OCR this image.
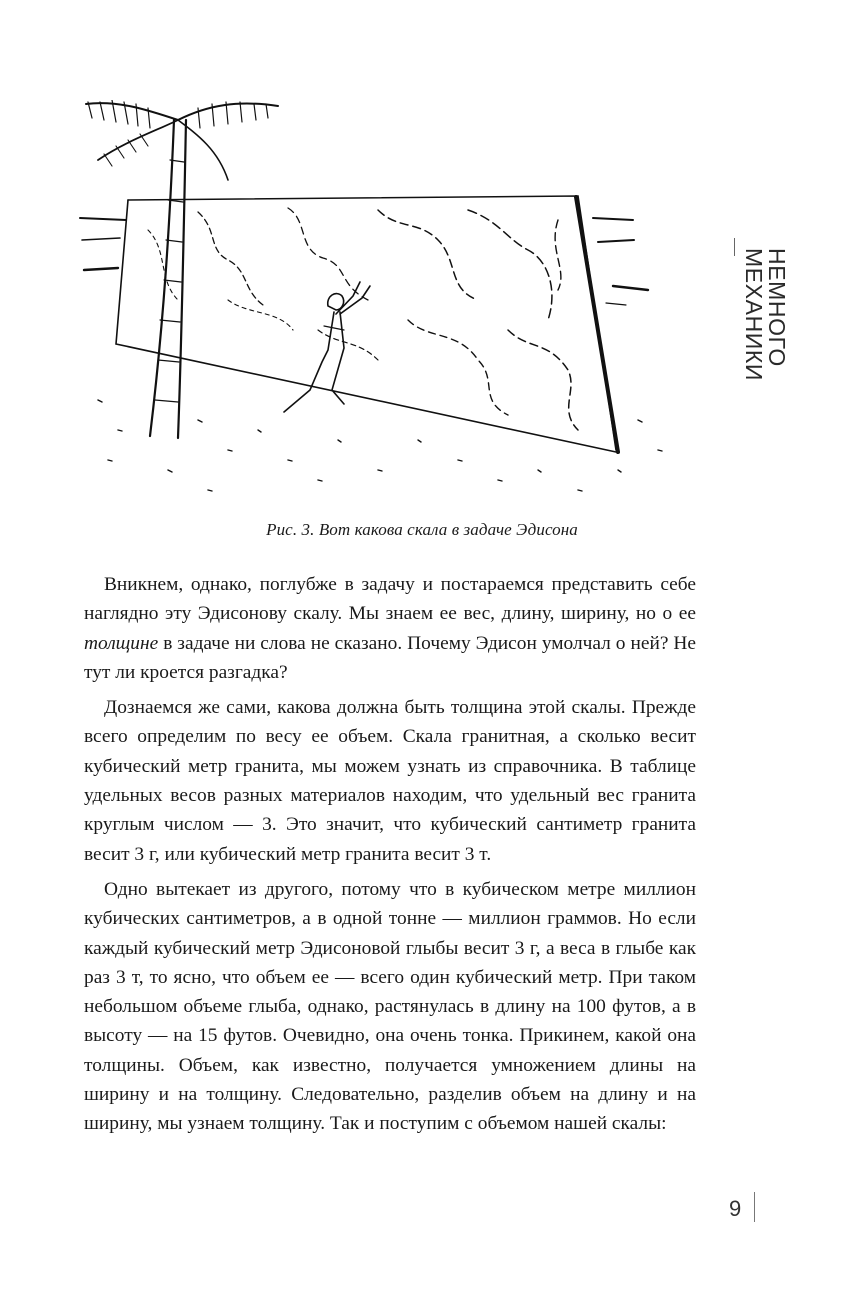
Рис. 3. Вот какова скала в задаче Эдисона
НЕМНОГО МЕХАНИКИ

Вникнем, однако, поглубже в задачу и постараемся представить себе наглядно эту Эдисонову скалу. Мы знаем ее вес, длину, ширину, но о ее толщине в задаче ни слова не сказано. Почему Эдисон умолчал о ней? Не тут ли кроется разгадка?

Дознаемся же сами, какова должна быть толщина этой скалы. Прежде всего определим по весу ее объем. Скала гранитная, а сколько весит кубический метр гранита, мы можем узнать из справочника. В таблице удельных весов разных материалов находим, что удельный вес гранита круглым числом — 3. Это значит, что кубический сантиметр гранита весит 3 г, или кубический метр гранита весит 3 т.

Одно вытекает из другого, потому что в кубическом метре миллион кубических сантиметров, а в одной тонне — миллион граммов. Но если каждый кубический метр Эдисоновой глыбы весит 3 г, а веса в глыбе как раз 3 т, то ясно, что объем ее — всего один кубический метр. При таком небольшом объеме глыба, однако, растянулась в длину на 100 футов, а в высоту — на 15 футов. Очевидно, она очень тонка. Прикинем, какой она толщины. Объем, как известно, получается умножением длины на ширину и на толщину. Следовательно, разделив объем на длину и на ширину, мы узнаем толщину. Так и поступим с объемом нашей скалы:

9
